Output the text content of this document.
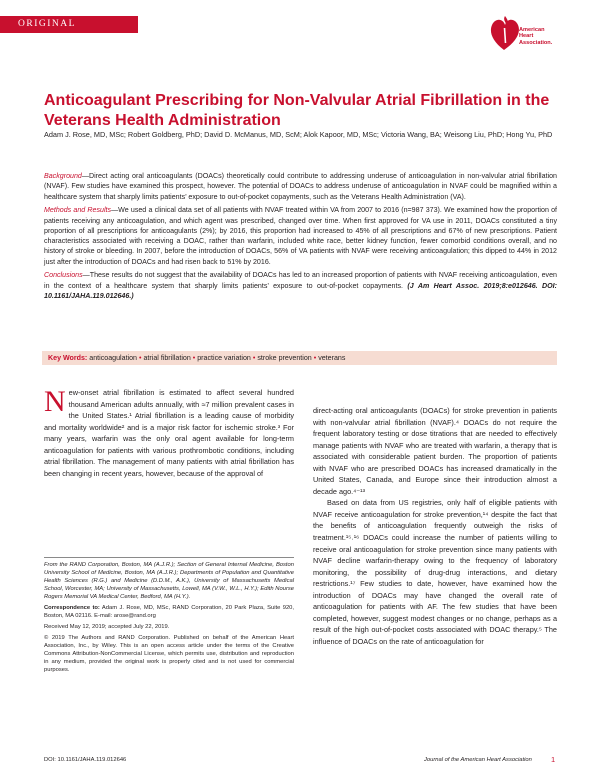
ORIGINAL RESEARCH
American
Heart
Association.
Anticoagulant Prescribing for Non-Valvular Atrial Fibrillation in the Veterans Health Administration
Adam J. Rose, MD, MSc; Robert Goldberg, PhD; David D. McManus, MD, ScM; Alok Kapoor, MD, MSc; Victoria Wang, BA; Weisong Liu, PhD; Hong Yu, PhD

Background—Direct acting oral anticoagulants (DOACs) theoretically could contribute to addressing underuse of anticoagulation in non-valvular atrial fibrillation (NVAF). Few studies have examined this prospect, however. The potential of DOACs to address underuse of anticoagulation in NVAF could be magnified within a healthcare system that sharply limits patients’ exposure to out-of-pocket copayments, such as the Veterans Health Administration (VA).

Methods and Results—We used a clinical data set of all patients with NVAF treated within VA from 2007 to 2016 (n=987 373). We examined how the proportion of patients receiving any anticoagulation, and which agent was prescribed, changed over time. When first approved for VA use in 2011, DOACs constituted a tiny proportion of all prescriptions for anticoagulants (2%); by 2016, this proportion had increased to 45% of all prescriptions and 67% of new prescriptions. Patient characteristics associated with receiving a DOAC, rather than warfarin, included white race, better kidney function, fewer comorbid conditions overall, and no history of stroke or bleeding. In 2007, before the introduction of DOACs, 56% of VA patients with NVAF were receiving anticoagulation; this dipped to 44% in 2012 just after the introduction of DOACs and had risen back to 51% by 2016.

Conclusions—These results do not suggest that the availability of DOACs has led to an increased proportion of patients with NVAF receiving anticoagulation, even in the context of a healthcare system that sharply limits patients’ exposure to out-of-pocket copayments. (J Am Heart Assoc. 2019;8:e012646. DOI: 10.1161/JAHA.119.012646.)

Key Words: anticoagulation • atrial fibrillation • practice variation • stroke prevention • veterans

New-onset atrial fibrillation is estimated to affect several hundred thousand American adults annually, with ≈7 million prevalent cases in the United States.¹ Atrial fibrillation is a leading cause of morbidity and mortality worldwide² and is a major risk factor for ischemic stroke.³ For many years, warfarin was the only oral agent available for long-term anticoagulation for patients with various prothrombotic conditions, including atrial fibrillation. The management of many patients with atrial fibrillation has been changing in recent years, however, because of the approval of

From the RAND Corporation, Boston, MA (A.J.R.); Section of General Internal Medicine, Boston University School of Medicine, Boston, MA (A.J.R.); Departments of Population and Quantitative Health Sciences (R.G.) and Medicine (D.D.M., A.K.), University of Massachusetts Medical School, Worcester, MA; University of Massachusetts, Lowell, MA (V.W., W.L., H.Y.); Edith Nourse Rogers Memorial VA Medical Center, Bedford, MA (H.Y.).

Correspondence to: Adam J. Rose, MD, MSc, RAND Corporation, 20 Park Plaza, Suite 920, Boston, MA 02116. E-mail: arose@rand.org

Received May 12, 2019; accepted July 22, 2019.

© 2019 The Authors and RAND Corporation. Published on behalf of the American Heart Association, Inc., by Wiley. This is an open access article under the terms of the Creative Commons Attribution-NonCommercial License, which permits use, distribution and reproduction in any medium, provided the original work is properly cited and is not used for commercial purposes.

direct-acting oral anticoagulants (DOACs) for stroke prevention in patients with non-valvular atrial fibrillation (NVAF).⁴ DOACs do not require the frequent laboratory testing or dose titrations that are needed to effectively manage patients with NVAF who are treated with warfarin, a therapy that is associated with considerable patient burden. The proportion of patients with NVAF who are prescribed DOACs has increased dramatically in the United States, Canada, and Europe since their introduction almost a decade ago.⁴⁻¹³

Based on data from US registries, only half of eligible patients with NVAF receive anticoagulation for stroke prevention,¹⁴ despite the fact that the benefits of anticoagulation frequently outweigh the risks of treatment.¹⁵˒¹⁶ DOACs could increase the number of patients willing to receive oral anticoagulation for stroke prevention since many patients with NVAF decline warfarin-therapy owing to the frequency of laboratory monitoring, the possibility of drug-drug interactions, and dietary restrictions.¹⁷ Few studies to date, however, have examined how the introduction of DOACs may have changed the overall rate of anticoagulation for patients with AF. The few studies that have been completed, however, suggest modest changes or no change, perhaps as a result of the high out-of-pocket costs associated with DOAC therapy.⁵ The influence of DOACs on the rate of anticoagulation for

DOI: 10.1161/JAHA.119.012646	Journal of the American Heart Association	1
